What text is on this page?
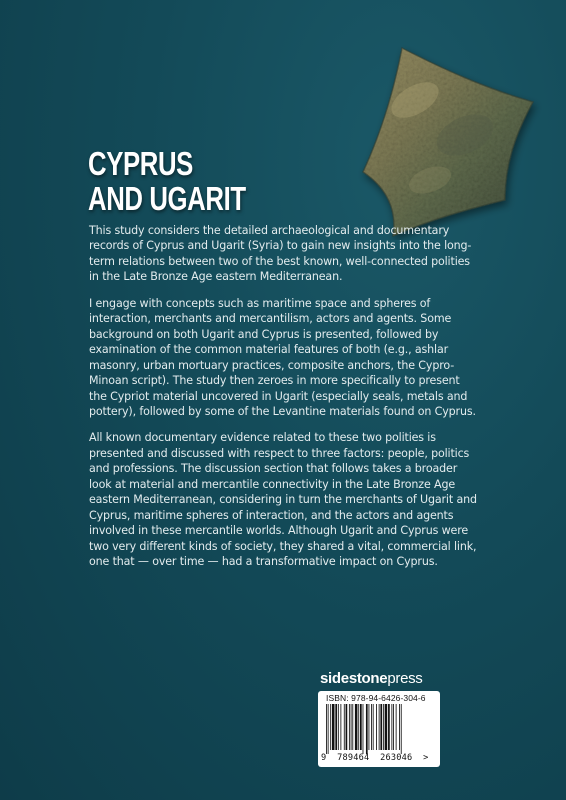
CYPRUS
AND UGARIT

This study considers the detailed archaeological and documentary records of Cyprus and Ugarit (Syria) to gain new insights into the long-term relations between two of the best known, well-connected polities in the Late Bronze Age eastern Mediterranean.

I engage with concepts such as maritime space and spheres of interaction, merchants and mercantilism, actors and agents. Some background on both Ugarit and Cyprus is presented, followed by examination of the common material features of both (e.g., ashlar masonry, urban mortuary practices, composite anchors, the Cypro-Minoan script). The study then zeroes in more specifically to present the Cypriot material uncovered in Ugarit (especially seals, metals and pottery), followed by some of the Levantine materials found on Cyprus.

All known documentary evidence related to these two polities is presented and discussed with respect to three factors: people, politics and professions. The discussion section that follows takes a broader look at material and mercantile connectivity in the Late Bronze Age eastern Mediterranean, considering in turn the merchants of Ugarit and Cyprus, maritime spheres of interaction, and the actors and agents involved in these mercantile worlds. Although Ugarit and Cyprus were two very different kinds of society, they shared a vital, commercial link, one that — over time — had a transformative impact on Cyprus.

sidestonepress
ISBN: 978-94-6426-304-6
9  789464  263046  >
